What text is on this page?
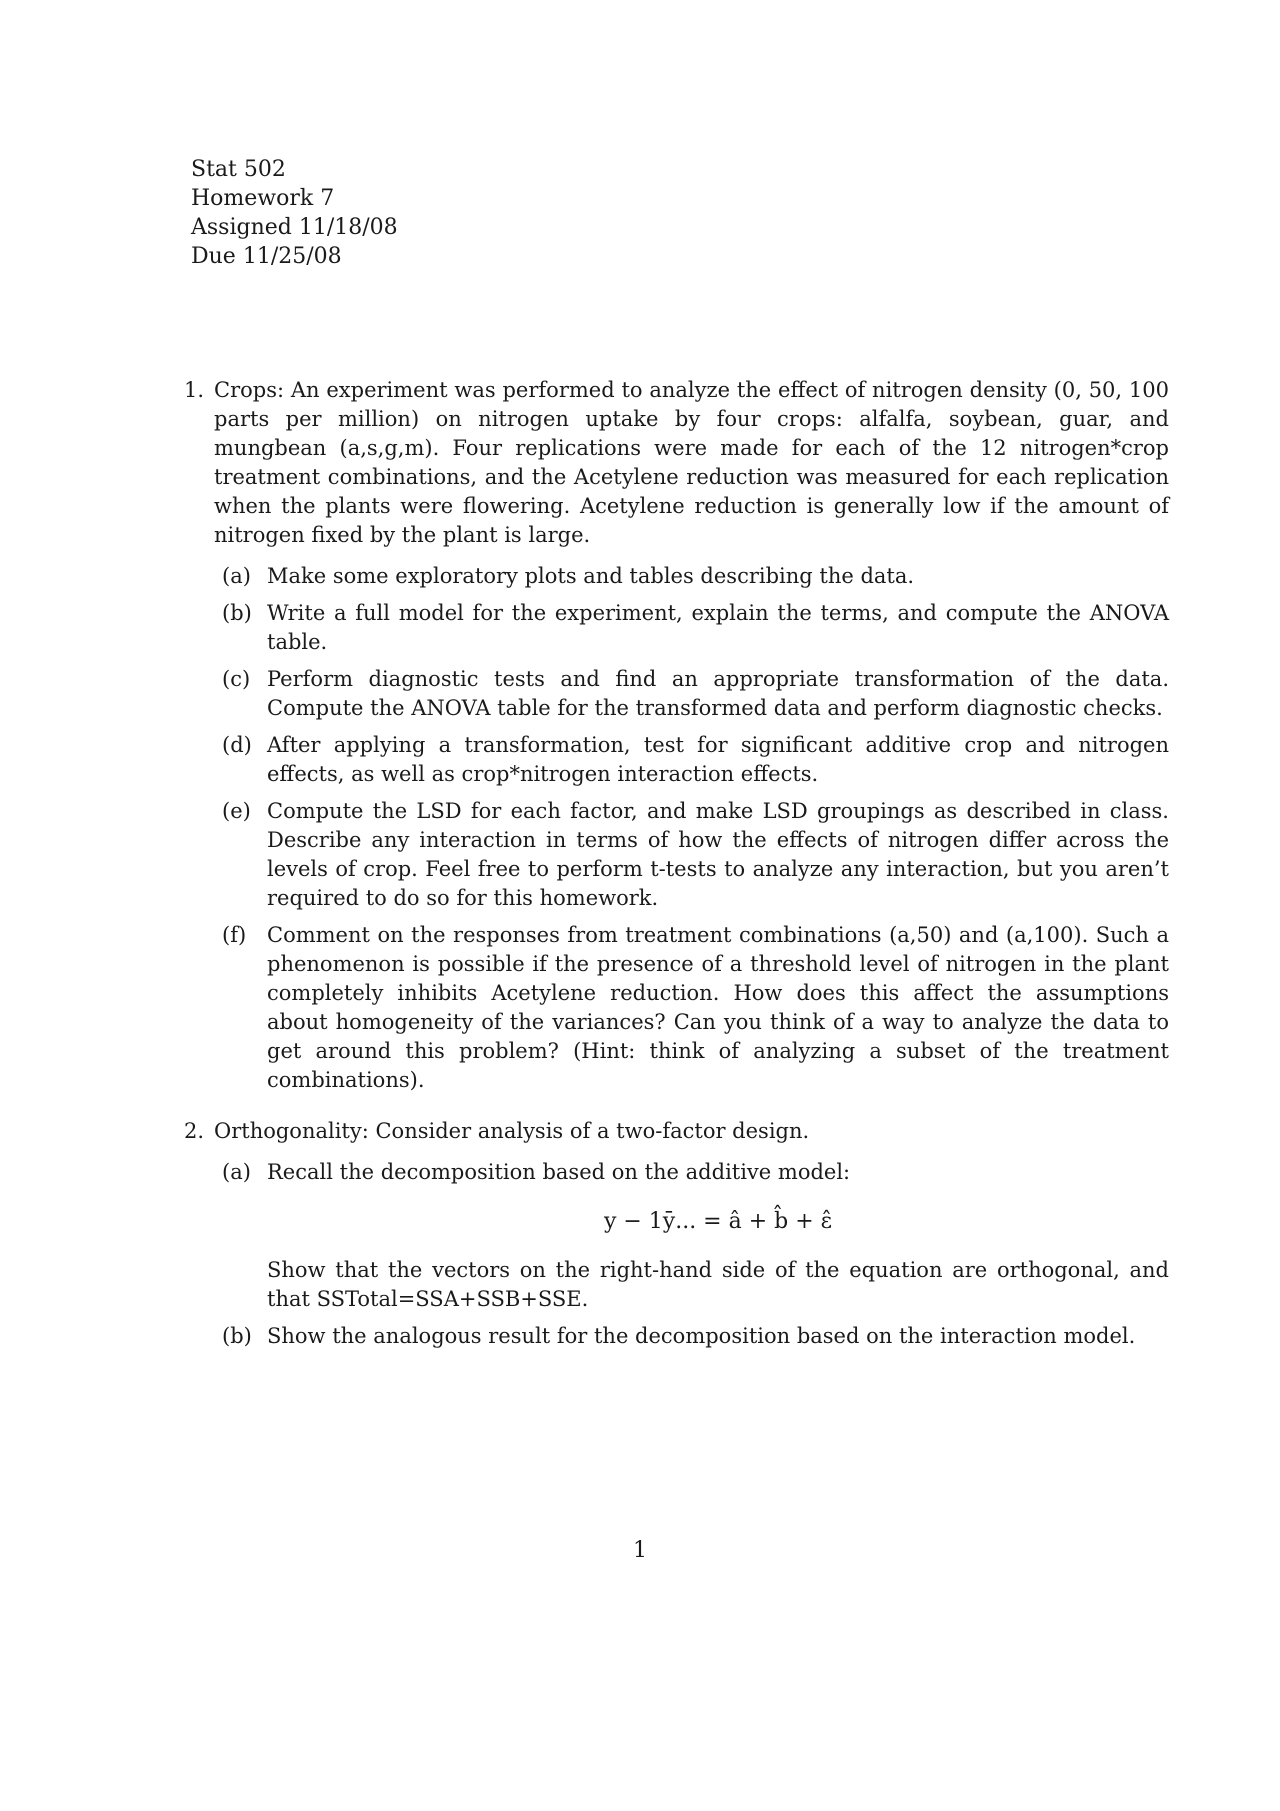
Stat 502
Homework 7
Assigned 11/18/08
Due 11/25/08
1. Crops: An experiment was performed to analyze the effect of nitrogen density (0, 50, 100 parts per million) on nitrogen uptake by four crops: alfalfa, soybean, guar, and mungbean (a,s,g,m). Four replications were made for each of the 12 nitrogen*crop treatment combinations, and the Acetylene reduction was measured for each replication when the plants were flowering. Acetylene reduction is generally low if the amount of nitrogen fixed by the plant is large.
(a) Make some exploratory plots and tables describing the data.
(b) Write a full model for the experiment, explain the terms, and compute the ANOVA table.
(c) Perform diagnostic tests and find an appropriate transformation of the data. Compute the ANOVA table for the transformed data and perform diagnostic checks.
(d) After applying a transformation, test for significant additive crop and nitrogen effects, as well as crop*nitrogen interaction effects.
(e) Compute the LSD for each factor, and make LSD groupings as described in class. Describe any interaction in terms of how the effects of nitrogen differ across the levels of crop. Feel free to perform t-tests to analyze any interaction, but you aren’t required to do so for this homework.
(f) Comment on the responses from treatment combinations (a,50) and (a,100). Such a phenomenon is possible if the presence of a threshold level of nitrogen in the plant completely inhibits Acetylene reduction. How does this affect the assumptions about homogeneity of the variances? Can you think of a way to analyze the data to get around this problem? (Hint: think of analyzing a subset of the treatment combinations).
2. Orthogonality: Consider analysis of a two-factor design.
(a) Recall the decomposition based on the additive model:
y − 1ȳ... = â + b̂ + ε̂
Show that the vectors on the right-hand side of the equation are orthogonal, and that SSTotal=SSA+SSB+SSE.
(b) Show the analogous result for the decomposition based on the interaction model.
1
